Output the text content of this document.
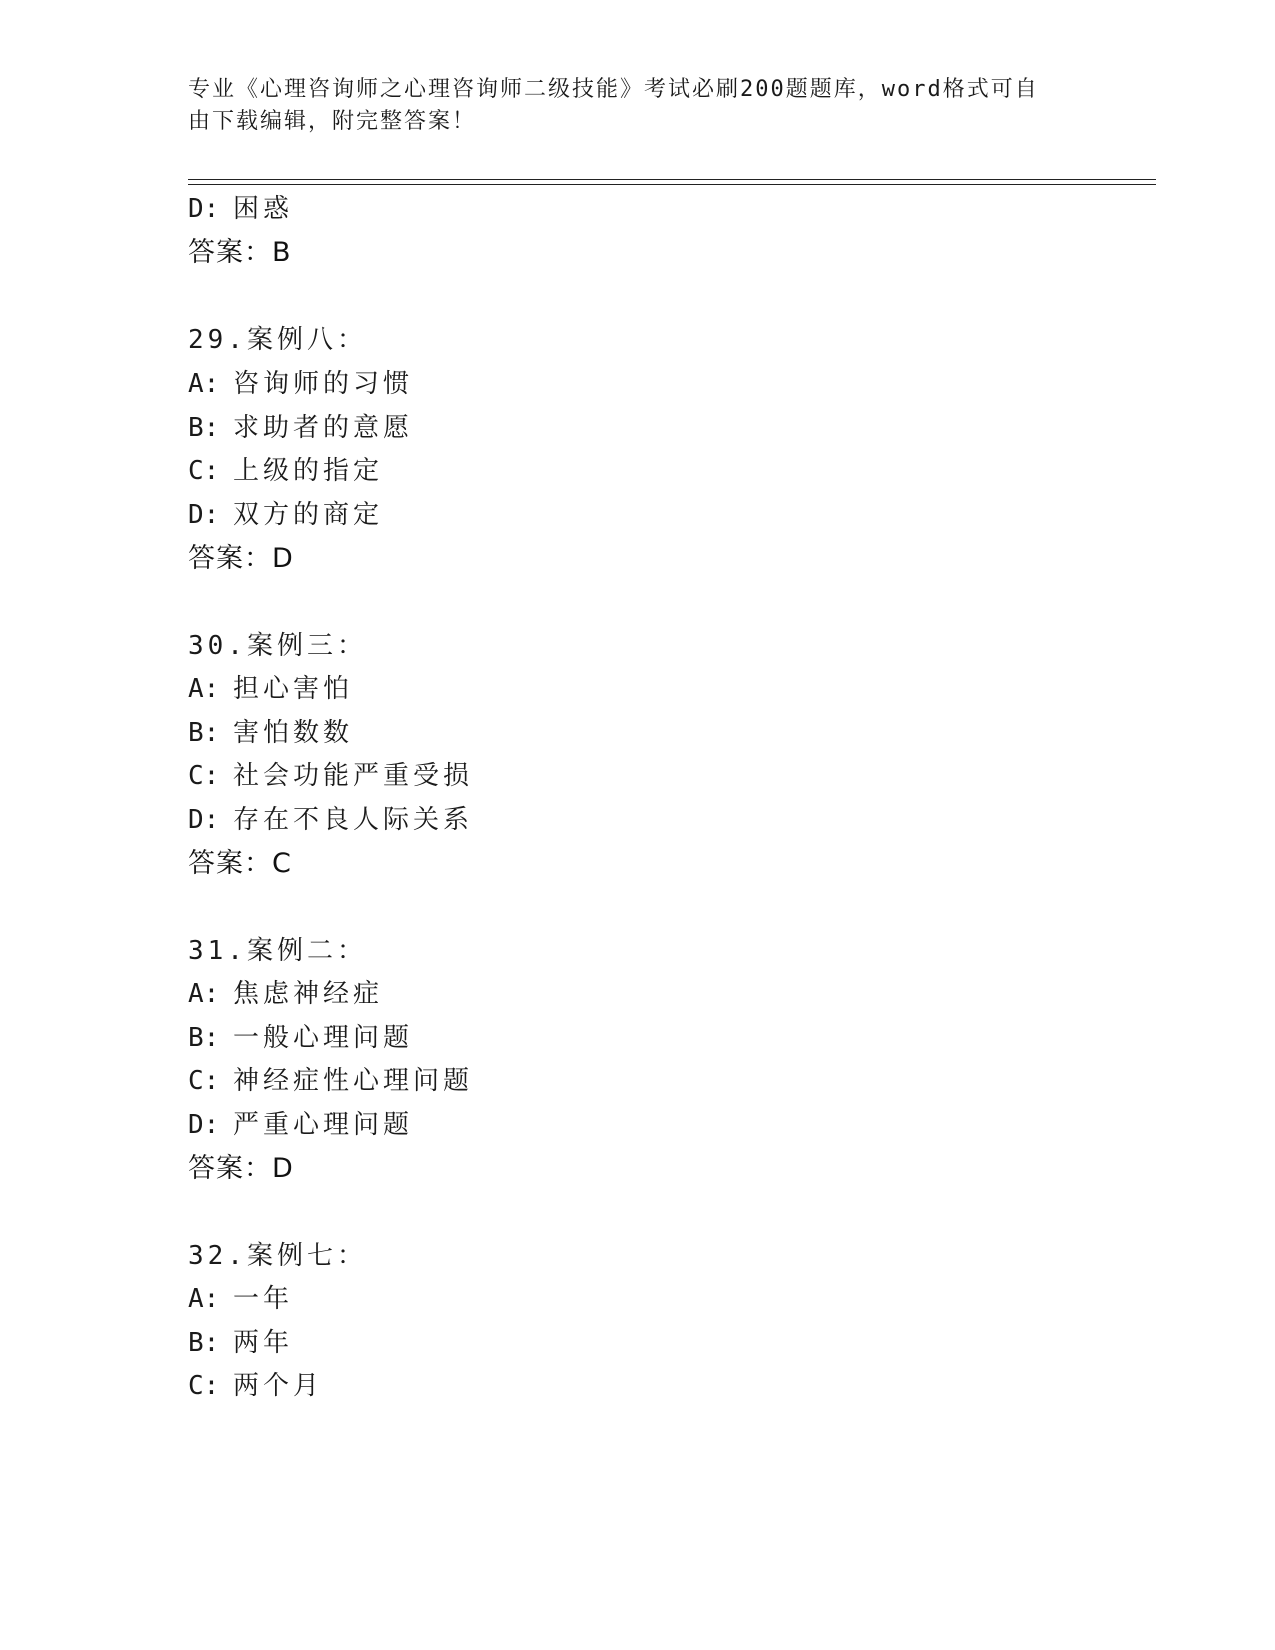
专业《心理咨询师之心理咨询师二级技能》考试必刷200题题库，word格式可自
由下载编辑，附完整答案！
D: 困惑
答案：B
29.案例八：
A: 咨询师的习惯
B: 求助者的意愿
C: 上级的指定
D: 双方的商定
答案：D
30.案例三：
A: 担心害怕
B: 害怕数数
C: 社会功能严重受损
D: 存在不良人际关系
答案：C
31.案例二：
A: 焦虑神经症
B: 一般心理问题
C: 神经症性心理问题
D: 严重心理问题
答案：D
32.案例七：
A: 一年
B: 两年
C: 两个月
